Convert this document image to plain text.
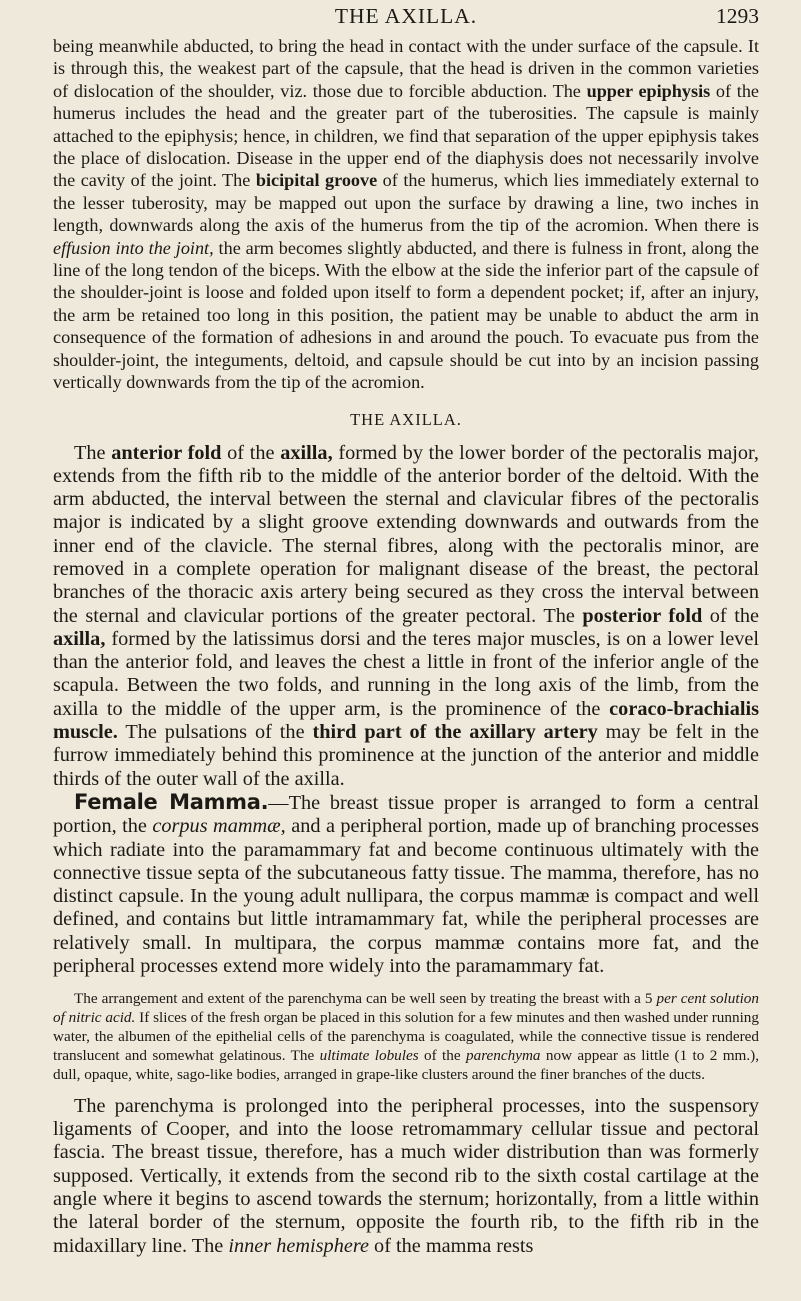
THE AXILLA.	1293

being meanwhile abducted, to bring the head in contact with the under surface of the capsule. It is through this, the weakest part of the capsule, that the head is driven in the common varieties of dislocation of the shoulder, viz. those due to forcible abduction. The upper epiphysis of the humerus includes the head and the greater part of the tuberosities. The capsule is mainly attached to the epiphysis; hence, in children, we find that separation of the upper epiphysis takes the place of dislocation. Disease in the upper end of the diaphysis does not necessarily involve the cavity of the joint. The bicipital groove of the humerus, which lies immediately external to the lesser tuberosity, may be mapped out upon the surface by drawing a line, two inches in length, downwards along the axis of the humerus from the tip of the acromion. When there is effusion into the joint, the arm becomes slightly abducted, and there is fulness in front, along the line of the long tendon of the biceps. With the elbow at the side the inferior part of the capsule of the shoulder-joint is loose and folded upon itself to form a dependent pocket; if, after an injury, the arm be retained too long in this position, the patient may be unable to abduct the arm in consequence of the formation of adhesions in and around the pouch. To evacuate pus from the shoulder-joint, the integuments, deltoid, and capsule should be cut into by an incision passing vertically downwards from the tip of the acromion.

THE AXILLA.

The anterior fold of the axilla, formed by the lower border of the pectoralis major, extends from the fifth rib to the middle of the anterior border of the deltoid. With the arm abducted, the interval between the sternal and clavicular fibres of the pectoralis major is indicated by a slight groove extending downwards and outwards from the inner end of the clavicle. The sternal fibres, along with the pectoralis minor, are removed in a complete operation for malignant disease of the breast, the pectoral branches of the thoracic axis artery being secured as they cross the interval between the sternal and clavicular portions of the greater pectoral. The posterior fold of the axilla, formed by the latissimus dorsi and the teres major muscles, is on a lower level than the anterior fold, and leaves the chest a little in front of the inferior angle of the scapula. Between the two folds, and running in the long axis of the limb, from the axilla to the middle of the upper arm, is the prominence of the coraco-brachialis muscle. The pulsations of the third part of the axillary artery may be felt in the furrow immediately behind this prominence at the junction of the anterior and middle thirds of the outer wall of the axilla.

Female Mamma.—The breast tissue proper is arranged to form a central portion, the corpus mammæ, and a peripheral portion, made up of branching processes which radiate into the paramammary fat and become continuous ultimately with the connective tissue septa of the subcutaneous fatty tissue. The mamma, therefore, has no distinct capsule. In the young adult nullipara, the corpus mammæ is compact and well defined, and contains but little intramammary fat, while the peripheral processes are relatively small. In multipara, the corpus mammæ contains more fat, and the peripheral processes extend more widely into the paramammary fat.

The arrangement and extent of the parenchyma can be well seen by treating the breast with a 5 per cent solution of nitric acid. If slices of the fresh organ be placed in this solution for a few minutes and then washed under running water, the albumen of the epithelial cells of the parenchyma is coagulated, while the connective tissue is rendered translucent and somewhat gelatinous. The ultimate lobules of the parenchyma now appear as little (1 to 2 mm.), dull, opaque, white, sago-like bodies, arranged in grape-like clusters around the finer branches of the ducts.

The parenchyma is prolonged into the peripheral processes, into the suspensory ligaments of Cooper, and into the loose retromammary cellular tissue and pectoral fascia. The breast tissue, therefore, has a much wider distribution than was formerly supposed. Vertically, it extends from the second rib to the sixth costal cartilage at the angle where it begins to ascend towards the sternum; horizontally, from a little within the lateral border of the sternum, opposite the fourth rib, to the fifth rib in the midaxillary line. The inner hemisphere of the mamma rests
